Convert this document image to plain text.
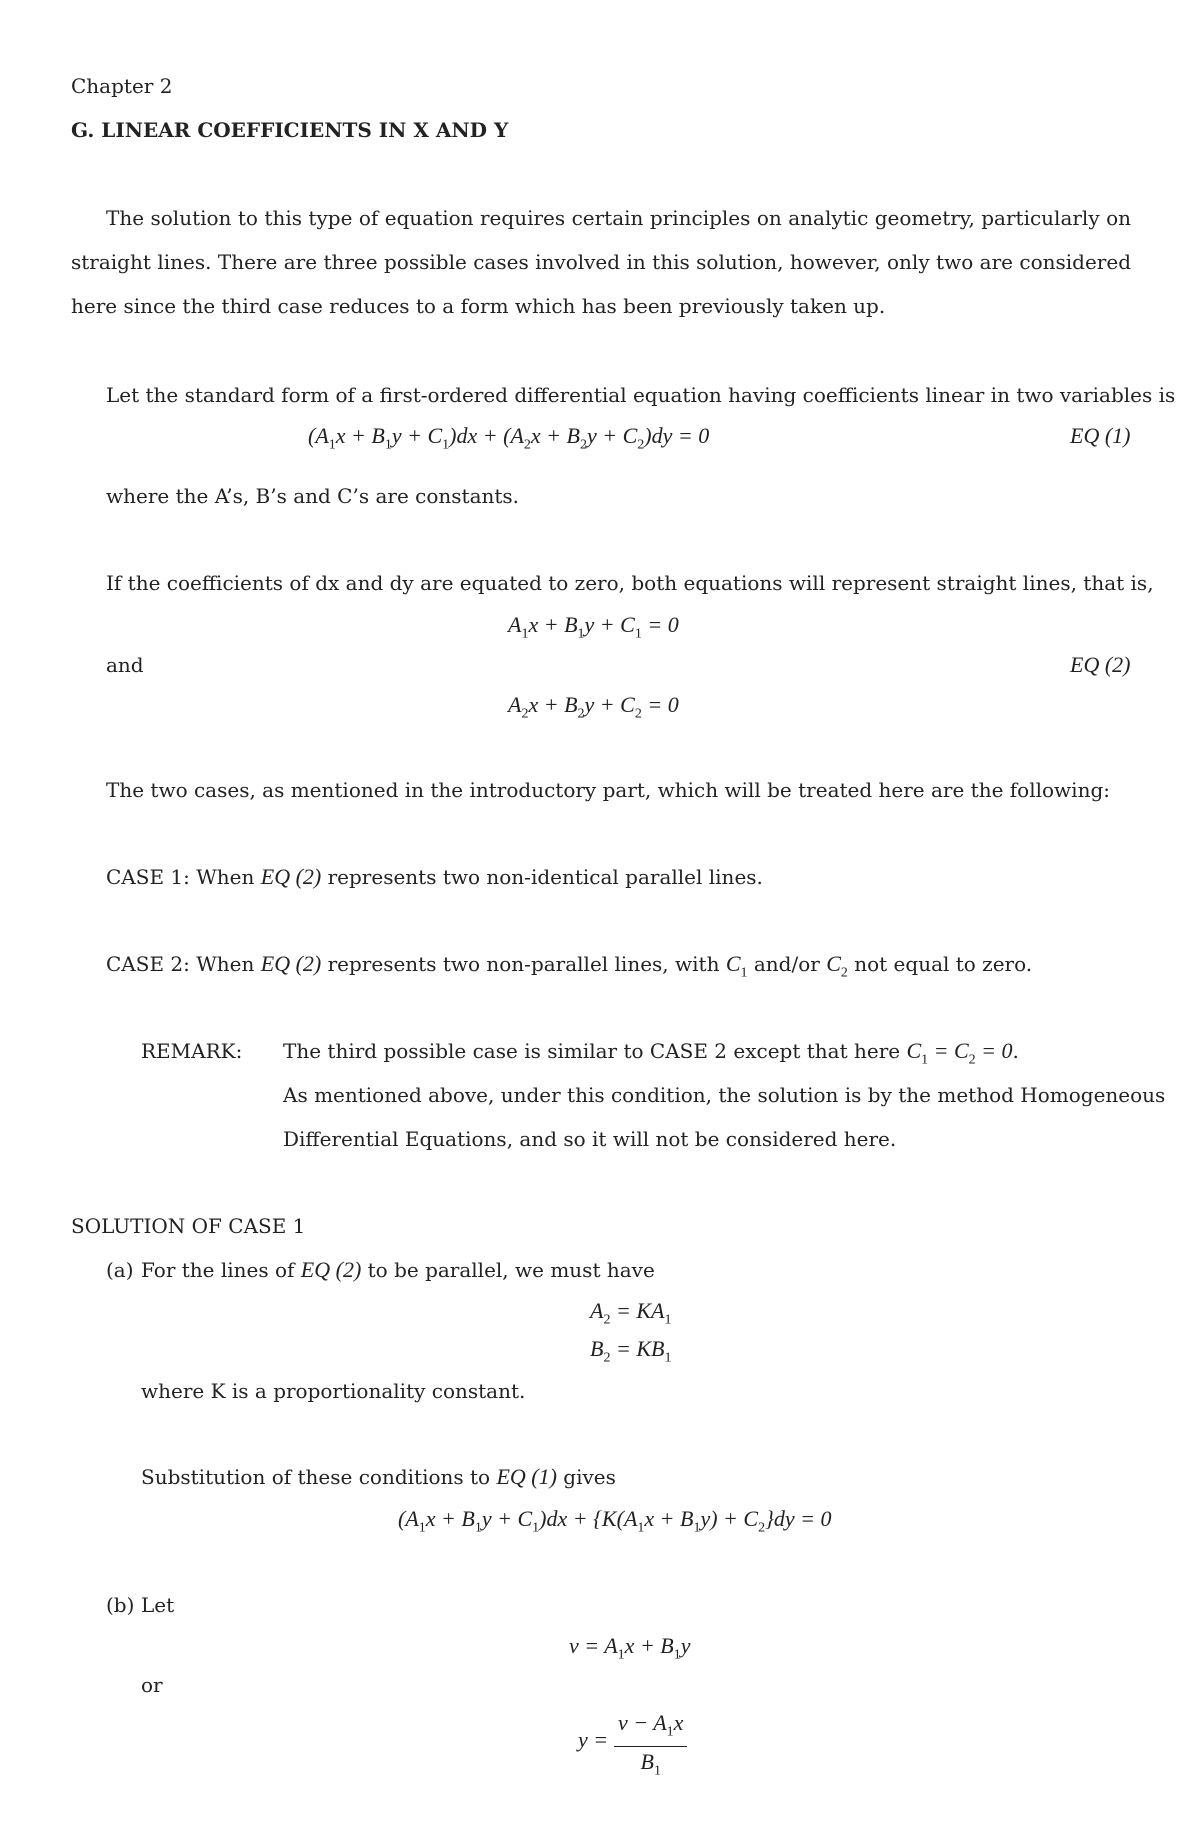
Chapter 2
G. LINEAR COEFFICIENTS IN X AND Y
The solution to this type of equation requires certain principles on analytic geometry, particularly on straight lines. There are three possible cases involved in this solution, however, only two are considered here since the third case reduces to a form which has been previously taken up.
Let the standard form of a first-ordered differential equation having coefficients linear in two variables is
$(A_1x + B_1y + C_1)dx + (A_2x + B_2y + C_2)dy = 0$	EQ (1)
where the A’s, B’s and C’s are constants.
If the coefficients of dx and dy are equated to zero, both equations will represent straight lines, that is,
$A_1x + B_1y + C_1 = 0$
and	EQ (2)
$A_2x + B_2y + C_2 = 0$
The two cases, as mentioned in the introductory part, which will be treated here are the following:
CASE 1: When EQ (2) represents two non-identical parallel lines.
CASE 2: When EQ (2) represents two non-parallel lines, with $C_1$ and/or $C_2$ not equal to zero.
REMARK: The third possible case is similar to CASE 2 except that here $C_1 = C_2 = 0$.
As mentioned above, under this condition, the solution is by the method Homogeneous
Differential Equations, and so it will not be considered here.
SOLUTION OF CASE 1
(a) For the lines of EQ (2) to be parallel, we must have
$A_2 = KA_1$
$B_2 = KB_1$
where K is a proportionality constant.
Substitution of these conditions to EQ (1) gives
$(A_1x + B_1y + C_1)dx + \{K(A_1x + B_1y) + C_2\}dy = 0$
(b) Let
$v = A_1x + B_1y$
or
$y = \frac{v - A_1x}{B_1}$
